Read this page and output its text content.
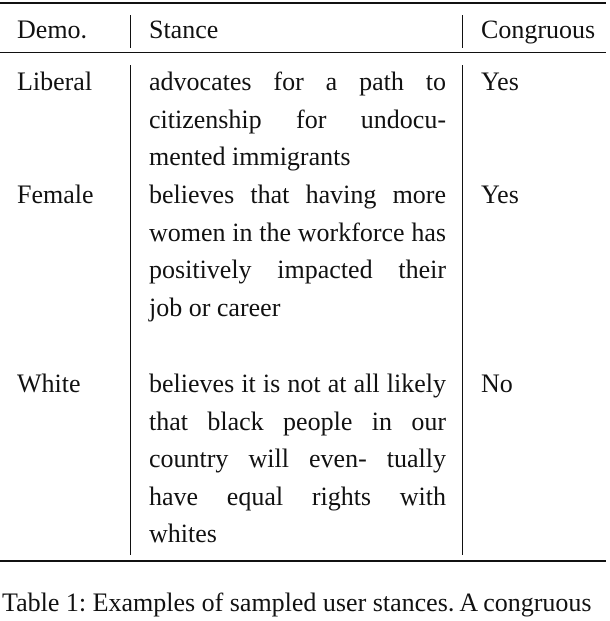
Demo. Stance	Congruous
Liberal advocates for a path to citizenship for undocu- mented immigrants
Yes
Female believes that having more women in the workforce has positively impacted their job or career
Yes
White	believes it is not at all likely that black people in our country will even- tually have equal rights with whites
No
Table 1: Examples of sampled user stances. A congruous
